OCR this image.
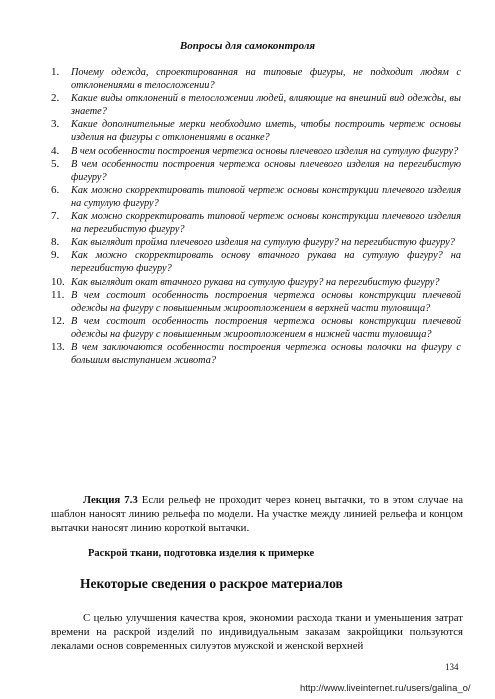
Вопросы для самоконтроля
1. Почему одежда, спроектированная на типовые фигуры, не подходит людям с отклонениями в телосложении?
2. Какие виды отклонений в телосложении людей, влияющие на внешний вид одежды, вы знаете?
3. Какие дополнительные мерки необходимо иметь, чтобы построить чертеж основы изделия на фигуры с отклонениями в осанке?
4. В чем особенности построения чертежа основы плечевого изделия на сутулую фигуру?
5. В чем особенности построения чертежа основы плечевого изделия на перегибистую фигуру?
6. Как можно скорректировать типовой чертеж основы конструкции плечевого изделия на сутулую фигуру?
7. Как можно скорректировать типовой чертеж основы конструкции плечевого изделия на перегибистую фигуру?
8. Как выглядит пройма плечевого изделия на сутулую фигуру? на перегибистую фигуру?
9. Как можно скорректировать основу втачного рукава на сутулую фигуру? на перегибистую фигуру?
10. Как выглядит окат втачного рукава на сутулую фигуру? на перегибистую фигуру?
11. В чем состоит особенность построения чертежа основы конструкции плечевой одежды на фигуру с повышенным жироотложением в верхней части туловища?
12. В чем состоит особенность построения чертежа основы конструкции плечевой одежды на фигуру с повышенным жироотложением в нижней части туловища?
13. В чем заключаются особенности построения чертежа основы полочки на фигуру с большим выступанием живота?

Лекция 7.3 Если рельеф не проходит через конец вытачки, то в этом случае на шаблон наносят линию рельефа по модели. На участке между линией рельефа и концом вытачки наносят линию короткой вытачки.

Раскрой ткани, подготовка изделия к примерке
Некоторые сведения о раскрое материалов

С целью улучшения качества кроя, экономии расхода ткани и уменьшения затрат времени на раскрой изделий по индивидуальным заказам закройщики пользуются лекалами основ современных силуэтов мужской и женской верхней

134
http://www.liveinternet.ru/users/galina_o/
